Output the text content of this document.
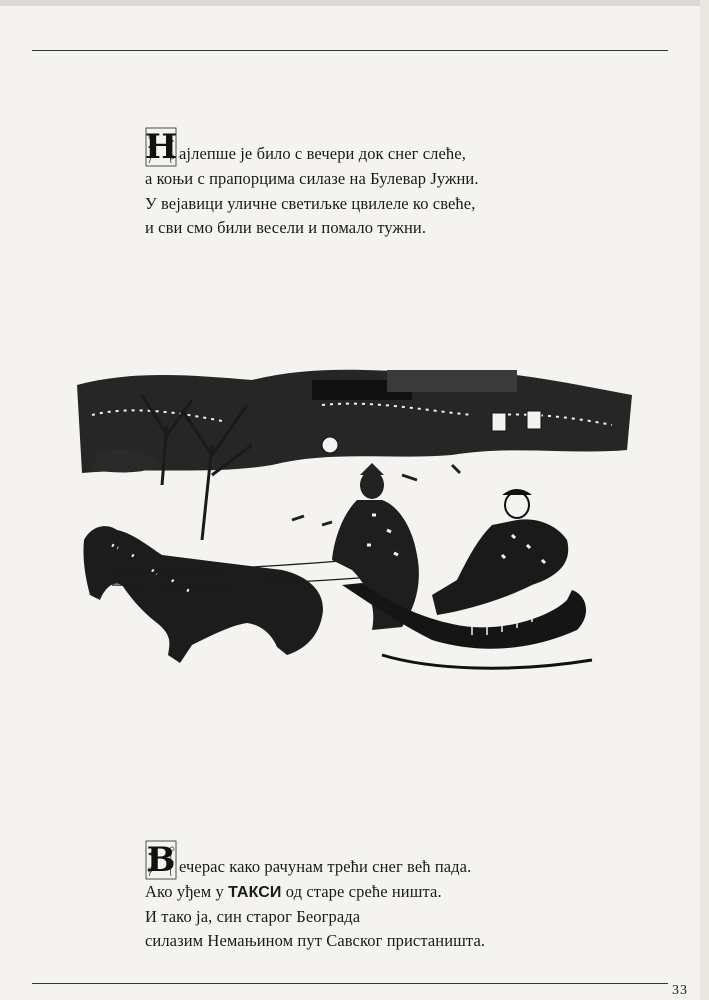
Н ајлепше је било с вечери док снег слеће,
а коњи с прапорцима силазе на Булевар Јужни.
У вејавици уличне светиљке цвилеле ко свеће,
и сви смо били весели и помало тужни.
В ечерас како рачунам трећи снег већ пада.
Ако уђем у ТАКСИ од старе среће ништа.
И тако ја, син старог Београда
силазим Немањином пут Савског пристаништа.
33
